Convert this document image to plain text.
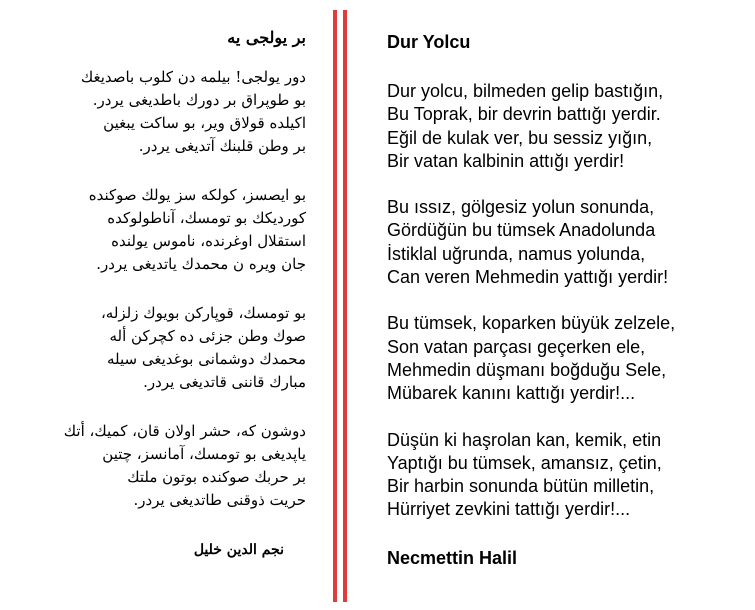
بر يولجى يه
دور يولجى! بيلمه دن كلوب باصديغك
بو طوپراق بر دورك باطديغى يردر.
اكيلده قولاق وير، بو ساكت يبغين
بر وطن قلبنك آتديغى يردر.
بو ايصسز، كولكه سز يولك صوكنده
كورديكك بو تومسك، آناطولوكده
استقلال اوغرنده، ناموس يولنده
جان ويره ن محمدك ياتديغى يردر.
بو تومسك، قوپاركن بويوك زلزله،
صوك وطن جزئى ده كچركن أله
محمدك دوشمانى بوغديغى سيله
مبارك قاننى قاتديغى يردر.
دوشون كه، حشر اولان قان، كميك، أتك
ياپديغى بو تومسك، آمانسز، چتين
بر حربك صوكنده بوتون ملتك
حريت ذوقنى طاتديغى يردر.
نجم الدين خليل
Dur Yolcu
Dur yolcu, bilmeden gelip bastığın,
Bu Toprak, bir devrin battığı yerdir.
Eğil de kulak ver, bu sessiz yığın,
Bir vatan kalbinin attığı yerdir!
Bu ıssız, gölgesiz yolun sonunda,
Gördüğün bu tümsek Anadolunda
İstiklal uğrunda, namus yolunda,
Can veren Mehmedin yattığı yerdir!
Bu tümsek, koparken büyük zelzele,
Son vatan parçası geçerken ele,
Mehmedin düşmanı boğduğu Sele,
Mübarek kanını kattığı yerdir!...
Düşün ki haşrolan kan, kemik, etin
Yaptığı bu tümsek, amansız, çetin,
Bir harbin sonunda bütün milletin,
Hürriyet zevkini tattığı yerdir!...
Necmettin Halil
